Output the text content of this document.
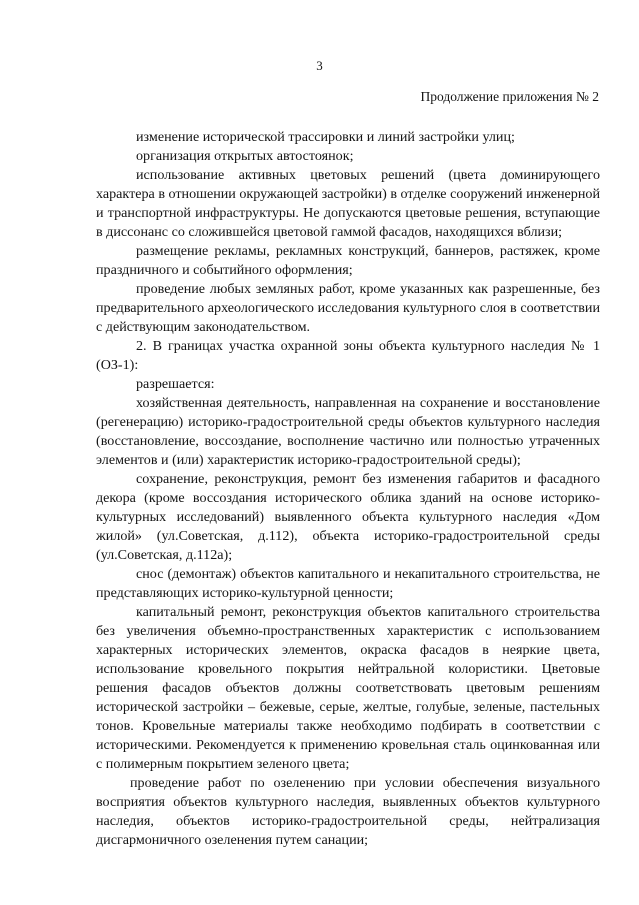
3
Продолжение приложения № 2

изменение исторической трассировки и линий застройки улиц;

организация открытых автостоянок;

использование активных цветовых решений (цвета доминирующего характера в отношении окружающей застройки) в отделке сооружений инженерной и транспортной инфраструктуры. Не допускаются цветовые решения, вступающие в диссонанс со сложившейся цветовой гаммой фасадов, находящихся вблизи;

размещение рекламы, рекламных конструкций, баннеров, растяжек, кроме праздничного и событийного оформления;

проведение любых земляных работ, кроме указанных как разрешенные, без предварительного археологического исследования культурного слоя в соответствии с действующим законодательством.

2. В границах участка охранной зоны объекта культурного наследия № 1 (ОЗ-1):

разрешается:

хозяйственная деятельность, направленная на сохранение и восстановление (регенерацию) историко-градостроительной среды объектов культурного наследия (восстановление, воссоздание, восполнение частично или полностью утраченных элементов и (или) характеристик историко-градостроительной среды);

сохранение, реконструкция, ремонт без изменения габаритов и фасадного декора (кроме воссоздания исторического облика зданий на основе историко-культурных исследований) выявленного объекта культурного наследия «Дом жилой» (ул.Советская, д.112), объекта историко-градостроительной среды (ул.Советская, д.112а);

снос (демонтаж) объектов капитального и некапитального строительства, не представляющих историко-культурной ценности;

капитальный ремонт, реконструкция объектов капитального строительства без увеличения объемно-пространственных характеристик с использованием характерных исторических элементов, окраска фасадов в неяркие цвета, использование кровельного покрытия нейтральной колористики. Цветовые решения фасадов объектов должны соответствовать цветовым решениям исторической застройки – бежевые, серые, желтые, голубые, зеленые, пастельных тонов. Кровельные материалы также необходимо подбирать в соответствии с историческими. Рекомендуется к применению кровельная сталь оцинкованная или с полимерным покрытием зеленого цвета;

проведение работ по озеленению при условии обеспечения визуального восприятия объектов культурного наследия, выявленных объектов культурного наследия, объектов историко-градостроительной среды, нейтрализация дисгармоничного озеленения путем санации;
